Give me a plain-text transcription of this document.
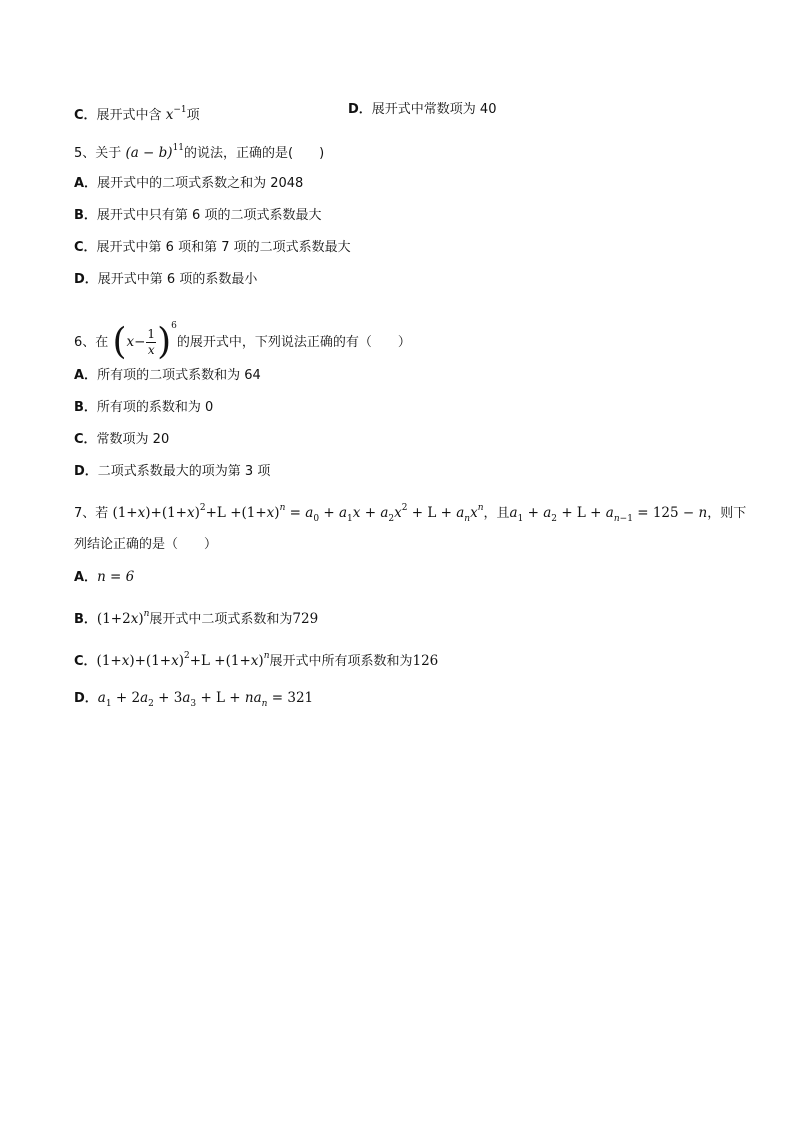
C．展开式中含 $x^{-1}$项	D．展开式中常数项为 40
5、关于 $(a - b)^{11}$的说法，正确的是(　　)
A．展开式中的二项式系数之和为 2048
B．展开式中只有第 6 项的二项式系数最大
C．展开式中第 6 项和第 7 项的二项式系数最大
D．展开式中第 6 项的系数最小
6、在 $(x- \frac{1}{x} )^6$的展开式中，下列说法正确的有（　　）
A．所有项的二项式系数和为 64
B．所有项的系数和为 0
C．常数项为 20
D．二项式系数最大的项为第 3 项
7、若 $(1+x)+(1+x)^2+L +(1+x)^n = a_0 + a_1x + a_2x^2 + L + a_nx^n$，且$a_1 + a_2 + L + a_{n-1} = 125 - n$，则下
列结论正确的是（　　）
A．n = 6
B．$(1+2x)^n$展开式中二项式系数和为729
C．$(1+x)+(1+x)^2+L +(1+x)^n$展开式中所有项系数和为126
D．$a_1 + 2a_2 + 3a_3 + L + na_n = 321$
